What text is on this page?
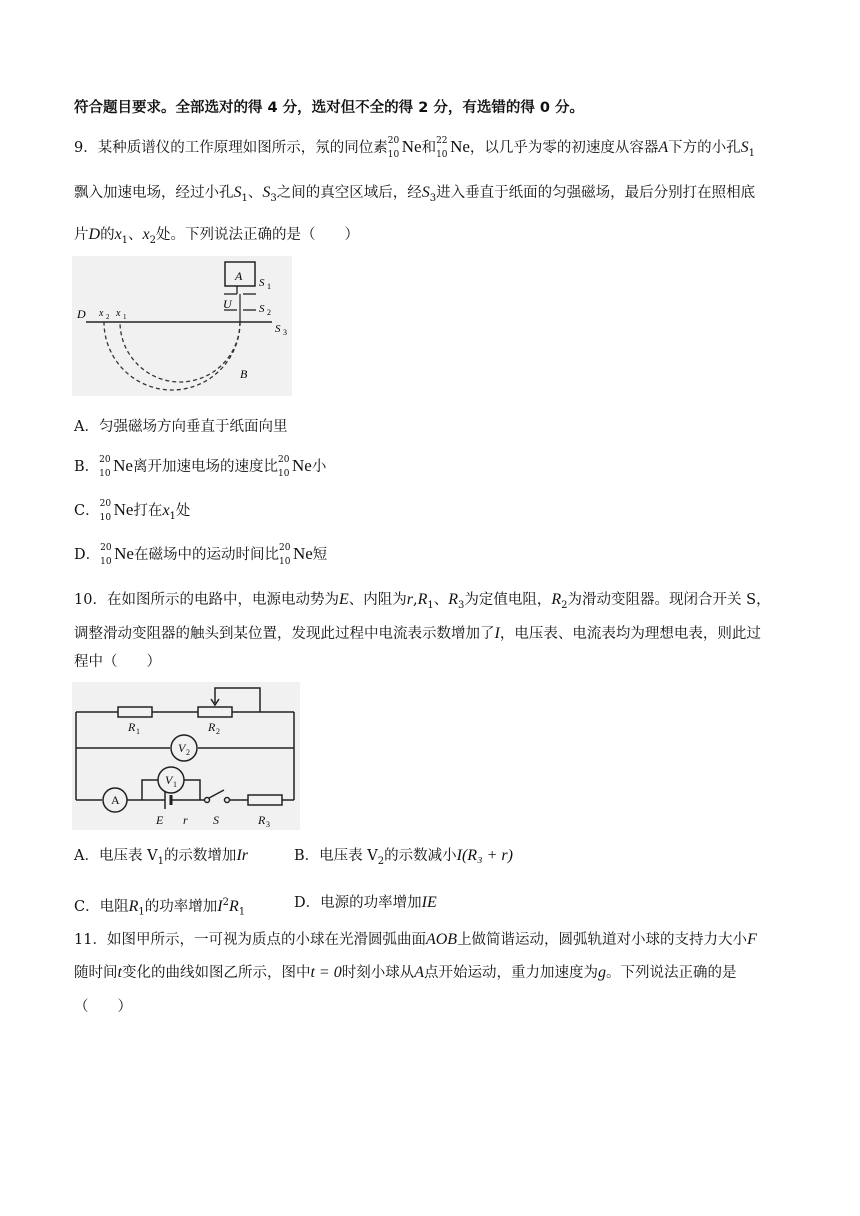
符合题目要求。全部选对的得 4 分，选对但不全的得 2 分，有选错的得 0 分。
9．某种质谱仪的工作原理如图所示，氖的同位素 20
10 Ne和 22
10 Ne，以几乎为零的初速度从容器A下方的小孔$S_1$
飘入加速电场，经过小孔$S_1$、$S_3$之间的真空区域后，经$S_3$进入垂直于纸面的匀强磁场，最后分别打在照相底
片D的$x_1$、$x_2$处。下列说法正确的是（　　）
A S 1
U S 2
D x 2 x 1
S 3
B
A．匀强磁场方向垂直于纸面向里
B． 20
10 Ne离开加速电场的速度比 20
10 Ne小
C． 20
10 Ne打在$x_1$处
D． 20
10 Ne在磁场中的运动时间比 20
10 Ne短
10．在如图所示的电路中，电源电动势为E、内阻为$r,R_1$、$R_3$为定值电阻，$R_2$为滑动变阻器。现闭合开关 S，
调整滑动变阻器的触头到某位置，发现此过程中电流表示数增加了I，电压表、电流表均为理想电表，则此过
程中（　　）
R 1	R 2
V 2
V 1
A
E r S	R 3
A．电压表 $V_1$的示数增加Ir	B．电压表 $V_2$的示数减小I(R₃ + r)
C．电阻$R_1$的功率增加$I^2R_1$
D．电源的功率增加IE
11．如图甲所示，一可视为质点的小球在光滑圆弧曲面AOB上做简谐运动，圆弧轨道对小球的支持力大小F
随时间t变化的曲线如图乙所示，图中t = 0时刻小球从A点开始运动，重力加速度为g。下列说法正确的是
（　　）
